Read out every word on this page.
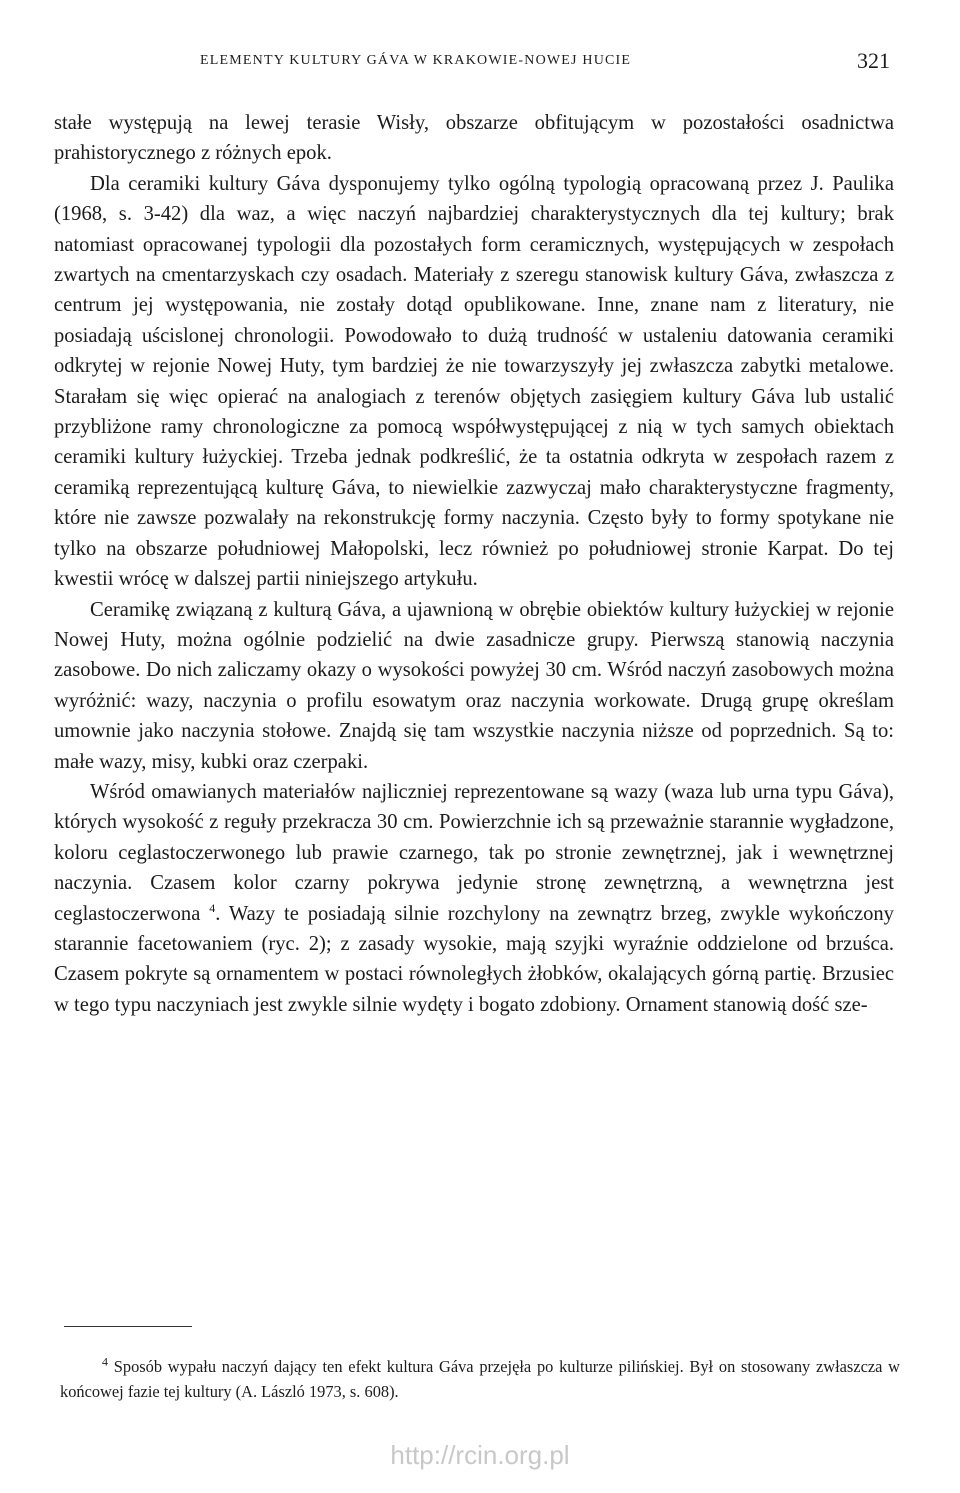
ELEMENTY KULTURY GÁVA W KRAKOWIE-NOWEJ HUCIE	321

stałe występują na lewej terasie Wisły, obszarze obfitującym w pozostałości osadnictwa prahistorycznego z różnych epok.

Dla ceramiki kultury Gáva dysponujemy tylko ogólną typologią opracowaną przez J. Paulika (1968, s. 3-42) dla waz, a więc naczyń najbardziej charakterystycznych dla tej kultury; brak natomiast opracowanej typologii dla pozostałych form ceramicznych, występujących w zespołach zwartych na cmentarzyskach czy osadach. Materiały z szeregu stanowisk kultury Gáva, zwłaszcza z centrum jej występowania, nie zostały dotąd opublikowane. Inne, znane nam z literatury, nie posiadają uścislonej chronologii. Powodowało to dużą trudność w ustaleniu datowania ceramiki odkrytej w rejonie Nowej Huty, tym bardziej że nie towarzyszyły jej zwłaszcza zabytki metalowe. Starałam się więc opierać na analogiach z terenów objętych zasięgiem kultury Gáva lub ustalić przybliżone ramy chronologiczne za pomocą współwystępującej z nią w tych samych obiektach ceramiki kultury łużyckiej. Trzeba jednak podkreślić, że ta ostatnia odkryta w zespołach razem z ceramiką reprezentującą kulturę Gáva, to niewielkie zazwyczaj mało charakterystyczne fragmenty, które nie zawsze pozwalały na rekonstrukcję formy naczynia. Często były to formy spotykane nie tylko na obszarze południowej Małopolski, lecz również po południowej stronie Karpat. Do tej kwestii wrócę w dalszej partii niniejszego artykułu.

Ceramikę związaną z kulturą Gáva, a ujawnioną w obrębie obiektów kultury łużyckiej w rejonie Nowej Huty, można ogólnie podzielić na dwie zasadnicze grupy. Pierwszą stanowią naczynia zasobowe. Do nich zaliczamy okazy o wysokości powyżej 30 cm. Wśród naczyń zasobowych można wyróżnić: wazy, naczynia o profilu esowatym oraz naczynia workowate. Drugą grupę określam umownie jako naczynia stołowe. Znajdą się tam wszystkie naczynia niższe od poprzednich. Są to: małe wazy, misy, kubki oraz czerpaki.

Wśród omawianych materiałów najliczniej reprezentowane są wazy (waza lub urna typu Gáva), których wysokość z reguły przekracza 30 cm. Powierzchnie ich są przeważnie starannie wygładzone, koloru ceglastoczerwonego lub prawie czarnego, tak po stronie zewnętrznej, jak i wewnętrznej naczynia. Czasem kolor czarny pokrywa jedynie stronę zewnętrzną, a wewnętrzna jest ceglastoczerwona $^4$. Wazy te posiadają silnie rozchylony na zewnątrz brzeg, zwykle wykończony starannie facetowaniem (ryc. 2); z zasady wysokie, mają szyjki wyraźnie oddzielone od brzuśca. Czasem pokryte są ornamentem w postaci równoległych żłobków, okalających górną partię. Brzusiec w tego typu naczyniach jest zwykle silnie wydęty i bogato zdobiony. Ornament stanowią dość sze-

$^4$ Sposób wypału naczyń dający ten efekt kultura Gáva przejęła po kulturze pilińskiej. Był on stosowany zwłaszcza w końcowej fazie tej kultury (A. László 1973, s. 608).

http://rcin.org.pl
